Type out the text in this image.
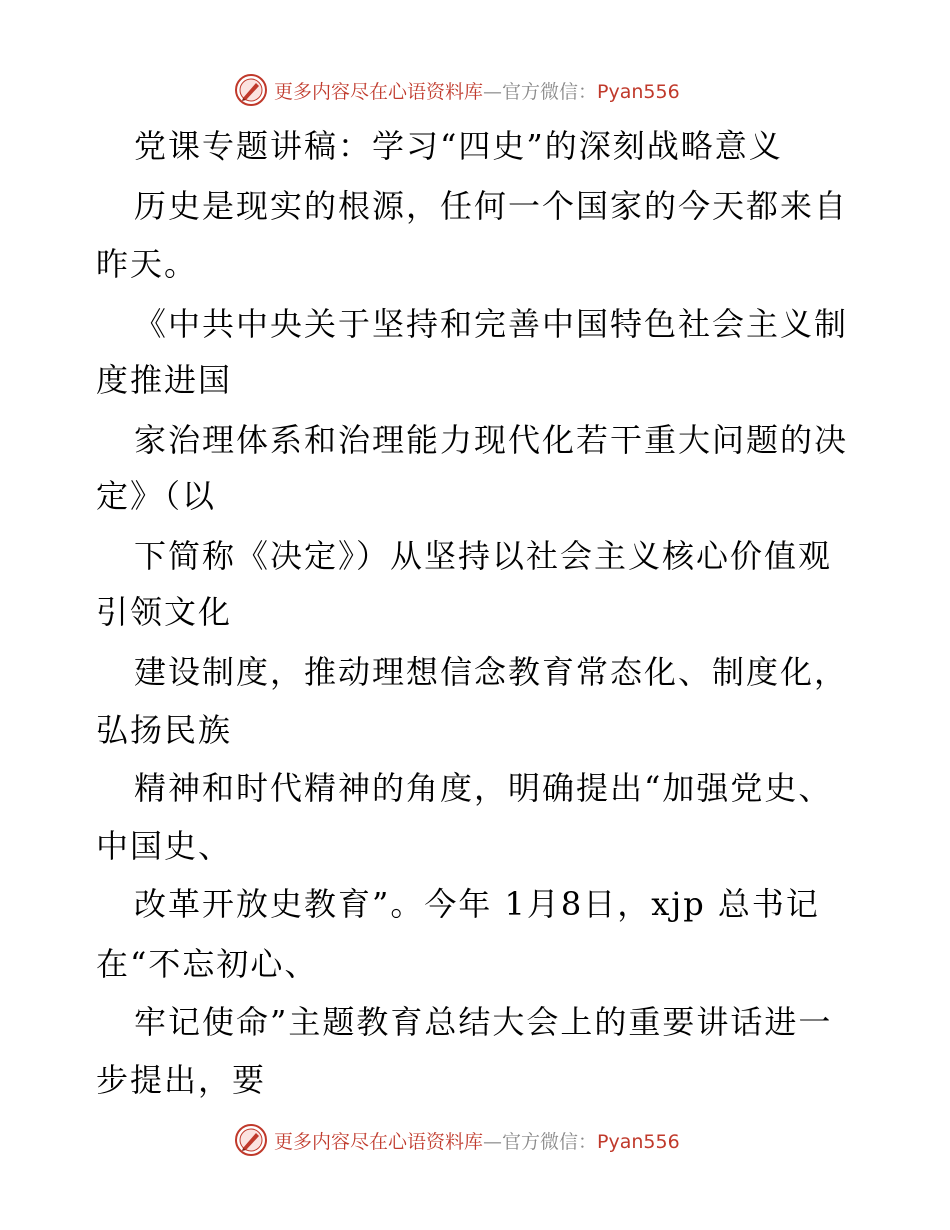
更多内容尽在心语资料库—官方微信：Pyan556
党课专题讲稿：学习“四史”的深刻战略意义
历史是现实的根源，任何一个国家的今天都来自
昨天。
《中共中央关于坚持和完善中国特色社会主义制
度推进国
家治理体系和治理能力现代化若干重大问题的决
定》（以
下简称《决定》）从坚持以社会主义核心价值观
引领文化
建设制度，推动理想信念教育常态化、制度化，
弘扬民族
精神和时代精神的角度，明确提出“加强党史、
中国史、
改革开放史教育”。今年 1月8日，xjp 总书记
在“不忘初心、
牢记使命”主题教育总结大会上的重要讲话进一
步提出，要
更多内容尽在心语资料库—官方微信：Pyan556
